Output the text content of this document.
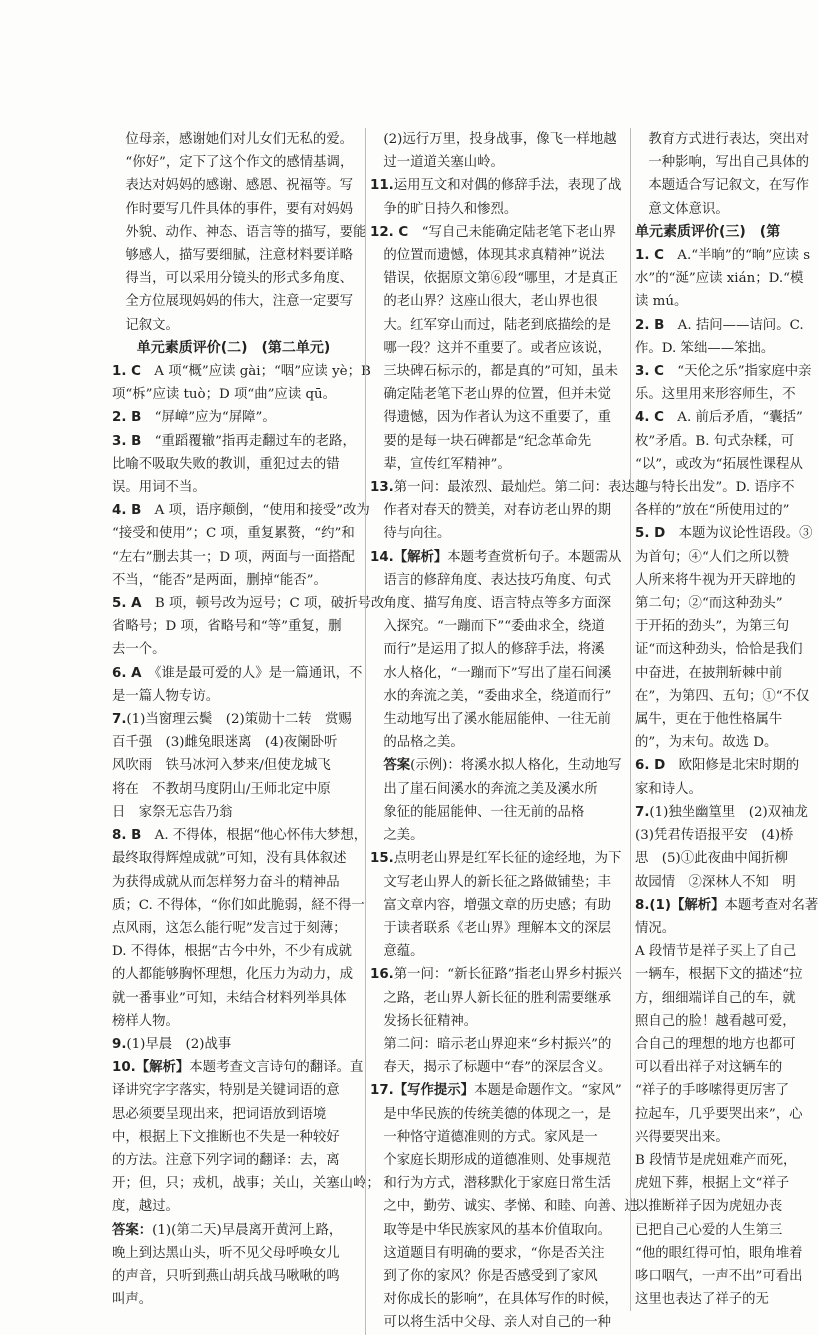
　位母亲，感谢她们对儿女们无私的爱。
　“你好”，定下了这个作文的感情基调，
　表达对妈妈的感谢、感恩、祝福等。写
　作时要写几件具体的事件，要有对妈妈
　外貌、动作、神态、语言等的描写，要能
　够感人，描写要细腻，注意材料要详略
　得当，可以采用分镜头的形式多角度、
　全方位展现妈妈的伟大，注意一定要写
　记叙文。
单元素质评价(二)　(第二单元)
1. C　A 项“概”应读 gài；“咽”应读 yè；B
项“柝”应读 tuò；D 项“曲”应读 qū。
2. B　“屏嶂”应为“屏障”。
3. B　“重蹈覆辙”指再走翻过车的老路，
比喻不吸取失败的教训，重犯过去的错
误。用词不当。
4. B　A 项，语序颠倒，“使用和接受”改为
“接受和使用”；C 项，重复累赘，“约”和
“左右”删去其一；D 项，两面与一面搭配
不当，“能否”是两面，删掉“能否”。
5. A　B 项，顿号改为逗号；C 项，破折号改
省略号；D 项，省略号和“等”重复，删
去一个。
6. A　《谁是最可爱的人》是一篇通讯，不
是一篇人物专访。
7.(1)当窗理云鬓　(2)策勋十二转　赏赐
百千强　(3)雌兔眼迷离　(4)夜阑卧听
风吹雨　铁马冰河入梦来/但使龙城飞
将在　不教胡马度阴山/王师北定中原
日　家祭无忘告乃翁
8. B　A. 不得体，根据“他心怀伟大梦想，
最终取得辉煌成就”可知，没有具体叙述
为获得成就从而怎样努力奋斗的精神品
质；C. 不得体，“你们如此脆弱，経不得一
点风雨，这怎么能行呢”发言过于刻薄；
D. 不得体，根据“古今中外，不少有成就
的人都能够胸怀理想，化压力为动力，成
就一番事业”可知，未结合材料列举具体
榜样人物。
9.(1)早晨　(2)战事
10.【解析】本题考查文言诗句的翻译。直
译讲究字字落实，特别是关键词语的意
思必须要呈现出来，把词语放到语境
中，根据上下文推断也不失是一种较好
的方法。注意下列字词的翻译：去，离
开；但，只；戎机，战事；关山，关塞山岭；
度，越过。
答案：(1)(第二天)早晨离开黄河上路，
晚上到达黑山头，听不见父母呼唤女儿
的声音，只听到燕山胡兵战马啾啾的鸣
叫声。
　(2)远行万里，投身战事，像飞一样地越
　过一道道关塞山岭。
11.运用互文和对偶的修辞手法，表现了战
　争的旷日持久和惨烈。
12. C　“写自己未能确定陆老笔下老山界
　的位置而遗憾，体现其求真精神”说法
　错误，依据原文第⑥段“哪里，才是真正
　的老山界？这座山很大，老山界也很
　大。红军穿山而过，陆老到底描绘的是
　哪一段？这并不重要了。或者应该说，
　三块碑石标示的，都是真的”可知，虽未
　确定陆老笔下老山界的位置，但并未觉
　得遗憾，因为作者认为这不重要了，重
　要的是每一块石碑都是“纪念革命先
　辈，宣传红军精神”。
13.第一问：最浓烈、最灿烂。第二问：表达
　作者对春天的赞美，对春访老山界的期
　待与向往。
14.【解析】本题考查赏析句子。本题需从
　语言的修辞角度、表达技巧角度、句式
　角度、描写角度、语言特点等多方面深
　入探究。“一蹦而下”“委曲求全，绕道
　而行”是运用了拟人的修辞手法，将溪
　水人格化，“一蹦而下”写出了崖石间溪
　水的奔流之美，“委曲求全，绕道而行”
　生动地写出了溪水能屈能伸、一往无前
　的品格之美。
　答案(示例)：将溪水拟人格化，生动地写
　出了崖石间溪水的奔流之美及溪水所
　象征的能屈能伸、一往无前的品格
　之美。
15.点明老山界是红军长征的途经地，为下
　文写老山界人的新长征之路做铺垫；丰
　富文章内容，增强文章的历史感；有助
　于读者联系《老山界》理解本文的深层
　意蕴。
16.第一问：“新长征路”指老山界乡村振兴
　之路，老山界人新长征的胜利需要继承
　发扬长征精神。
　第二问：暗示老山界迎来“乡村振兴”的
　春天，揭示了标题中“春”的深层含义。
17.【写作提示】本题是命题作文。“家风”
　是中华民族的传统美德的体现之一，是
　一种恪守道德准则的方式。家风是一
　个家庭长期形成的道德准则、处事规范
　和行为方式，潜移默化于家庭日常生活
　之中，勤劳、诚实、孝悌、和睦、向善、进
　取等是中华民族家风的基本价值取向。
　这道题目有明确的要求，“你是否关注
　到了你的家风？你是否感受到了家风
　对你成长的影响”，在具体写作的时候，
　可以将生活中父母、亲人对自己的一种
　教育方式进行表达，突出对
　一种影响，写出自己具体的
　本题适合写记叙文，在写作
　意文体意识。
单元素质评价(三)　(第
1. C　A.“半晌”的“晌”应读 s
水”的“涎”应读 xián；D.“模
读 mú。
2. B　A. 拮问——诘问。C.
作。D. 笨绌——笨拙。
3. C　“天伦之乐”指家庭中亲
乐。这里用来形容师生，不
4. C　A. 前后矛盾，“囊括”
枚”矛盾。B. 句式杂糅，可
“以”，或改为“拓展性课程从
趣与特长出发”。D. 语序不
各样的”放在“所使用过的”
5. D　本题为议论性语段。③
为首句；④“人们之所以赞
人所来将牛视为开天辟地的
第二句；②“而这种劲头”
于开拓的劲头”，为第三句
证“而这种劲头，恰恰是我们
中奋进，在披荆斩棘中前
在”，为第四、五句；①“不仅
属牛，更在于他性格属牛
的”，为末句。故选 D。
6. D　欧阳修是北宋时期的
家和诗人。
7.(1)独坐幽篁里　(2)双袖龙
(3)凭君传语报平安　(4)桥
思　(5)①此夜曲中闻折柳
故园情　②深林人不知　明
8.(1)【解析】本题考查对名著
情况。
A 段情节是祥子买上了自己
一辆车，根据下文的描述“拉
方，细细端详自己的车，就
照自己的脸！越看越可爱，
合自己的理想的地方也都可
可以看出祥子对这辆车的
“祥子的手哆嗦得更厉害了
拉起车，几乎要哭出来”，心
兴得要哭出来。
B 段情节是虎妞难产而死，
虎妞下葬，根据上文“祥子
以推断祥子因为虎妞办丧
已把自己心爱的人生第三
“他的眼红得可怕，眼角堆着
哆口咽气，一声不出”可看出
这里也表达了祥子的无
